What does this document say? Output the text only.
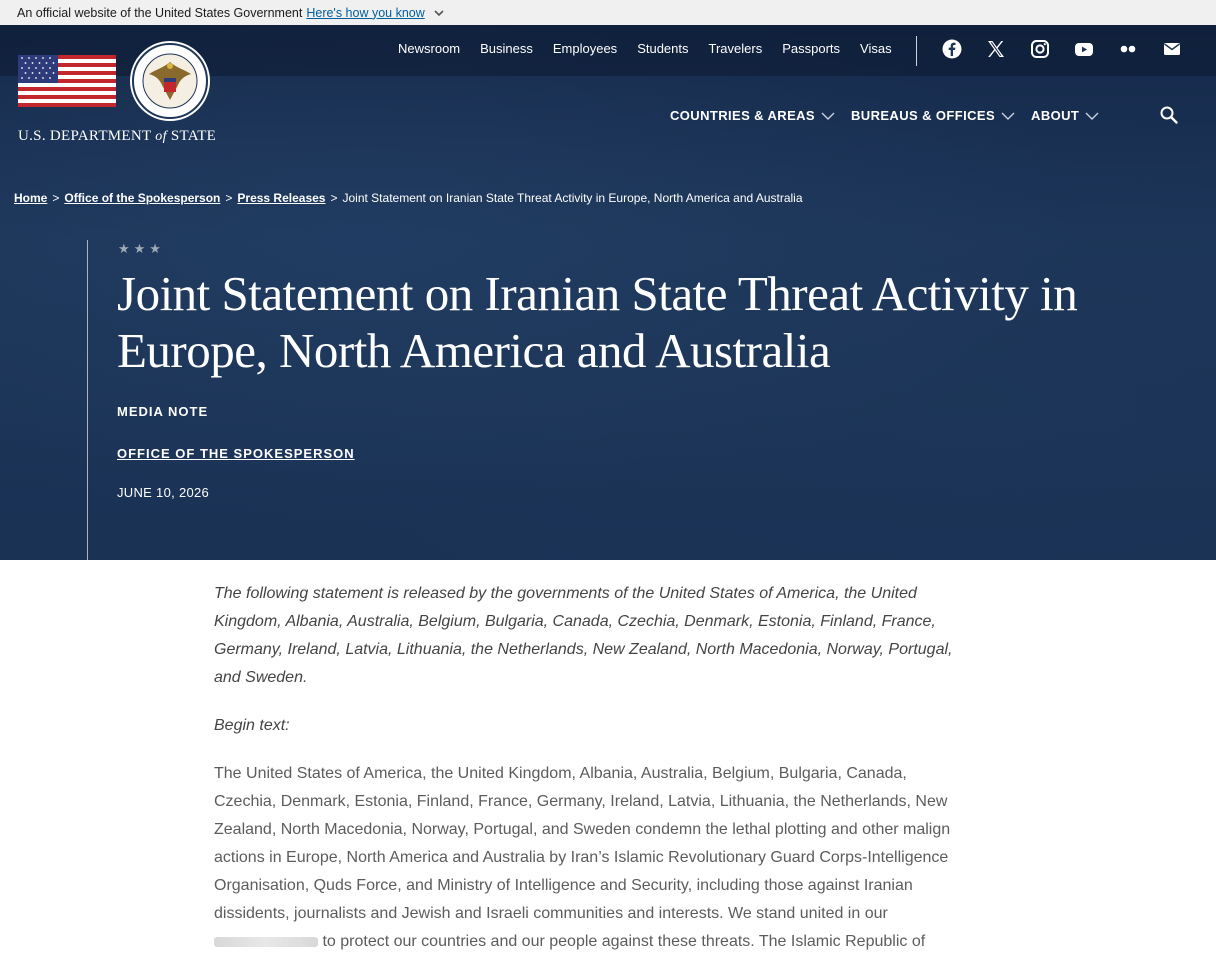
An official website of the United States Government Here's how you know
U.S. DEPARTMENT of STATE
Newsroom Business Employees Students Travelers Passports Visas
COUNTRIES & AREAS	BUREAUS & OFFICES	ABOUT
Home > Office of the Spokesperson > Press Releases > Joint Statement on Iranian State Threat Activity in Europe, North America and Australia
★★★
Joint Statement on Iranian State Threat Activity in Europe, North America and Australia
MEDIA NOTE
OFFICE OF THE SPOKESPERSON
JUNE 10, 2026

The following statement is released by the governments of the United States of America, the United Kingdom, Albania, Australia, Belgium, Bulgaria, Canada, Czechia, Denmark, Estonia, Finland, France, Germany, Ireland, Latvia, Lithuania, the Netherlands, New Zealand, North Macedonia, Norway, Portugal, and Sweden.

Begin text:

The United States of America, the United Kingdom, Albania, Australia, Belgium, Bulgaria, Canada, Czechia, Denmark, Estonia, Finland, France, Germany, Ireland, Latvia, Lithuania, the Netherlands, New Zealand, North Macedonia, Norway, Portugal, and Sweden condemn the lethal plotting and other malign actions in Europe, North America and Australia by Iran’s Islamic Revolutionary Guard Corps-Intelligence Organisation, Quds Force, and Ministry of Intelligence and Security, including those against Iranian dissidents, journalists and Jewish and Israeli communities and interests. We stand united in our  to protect our countries and our people against these threats. The Islamic Republic of
